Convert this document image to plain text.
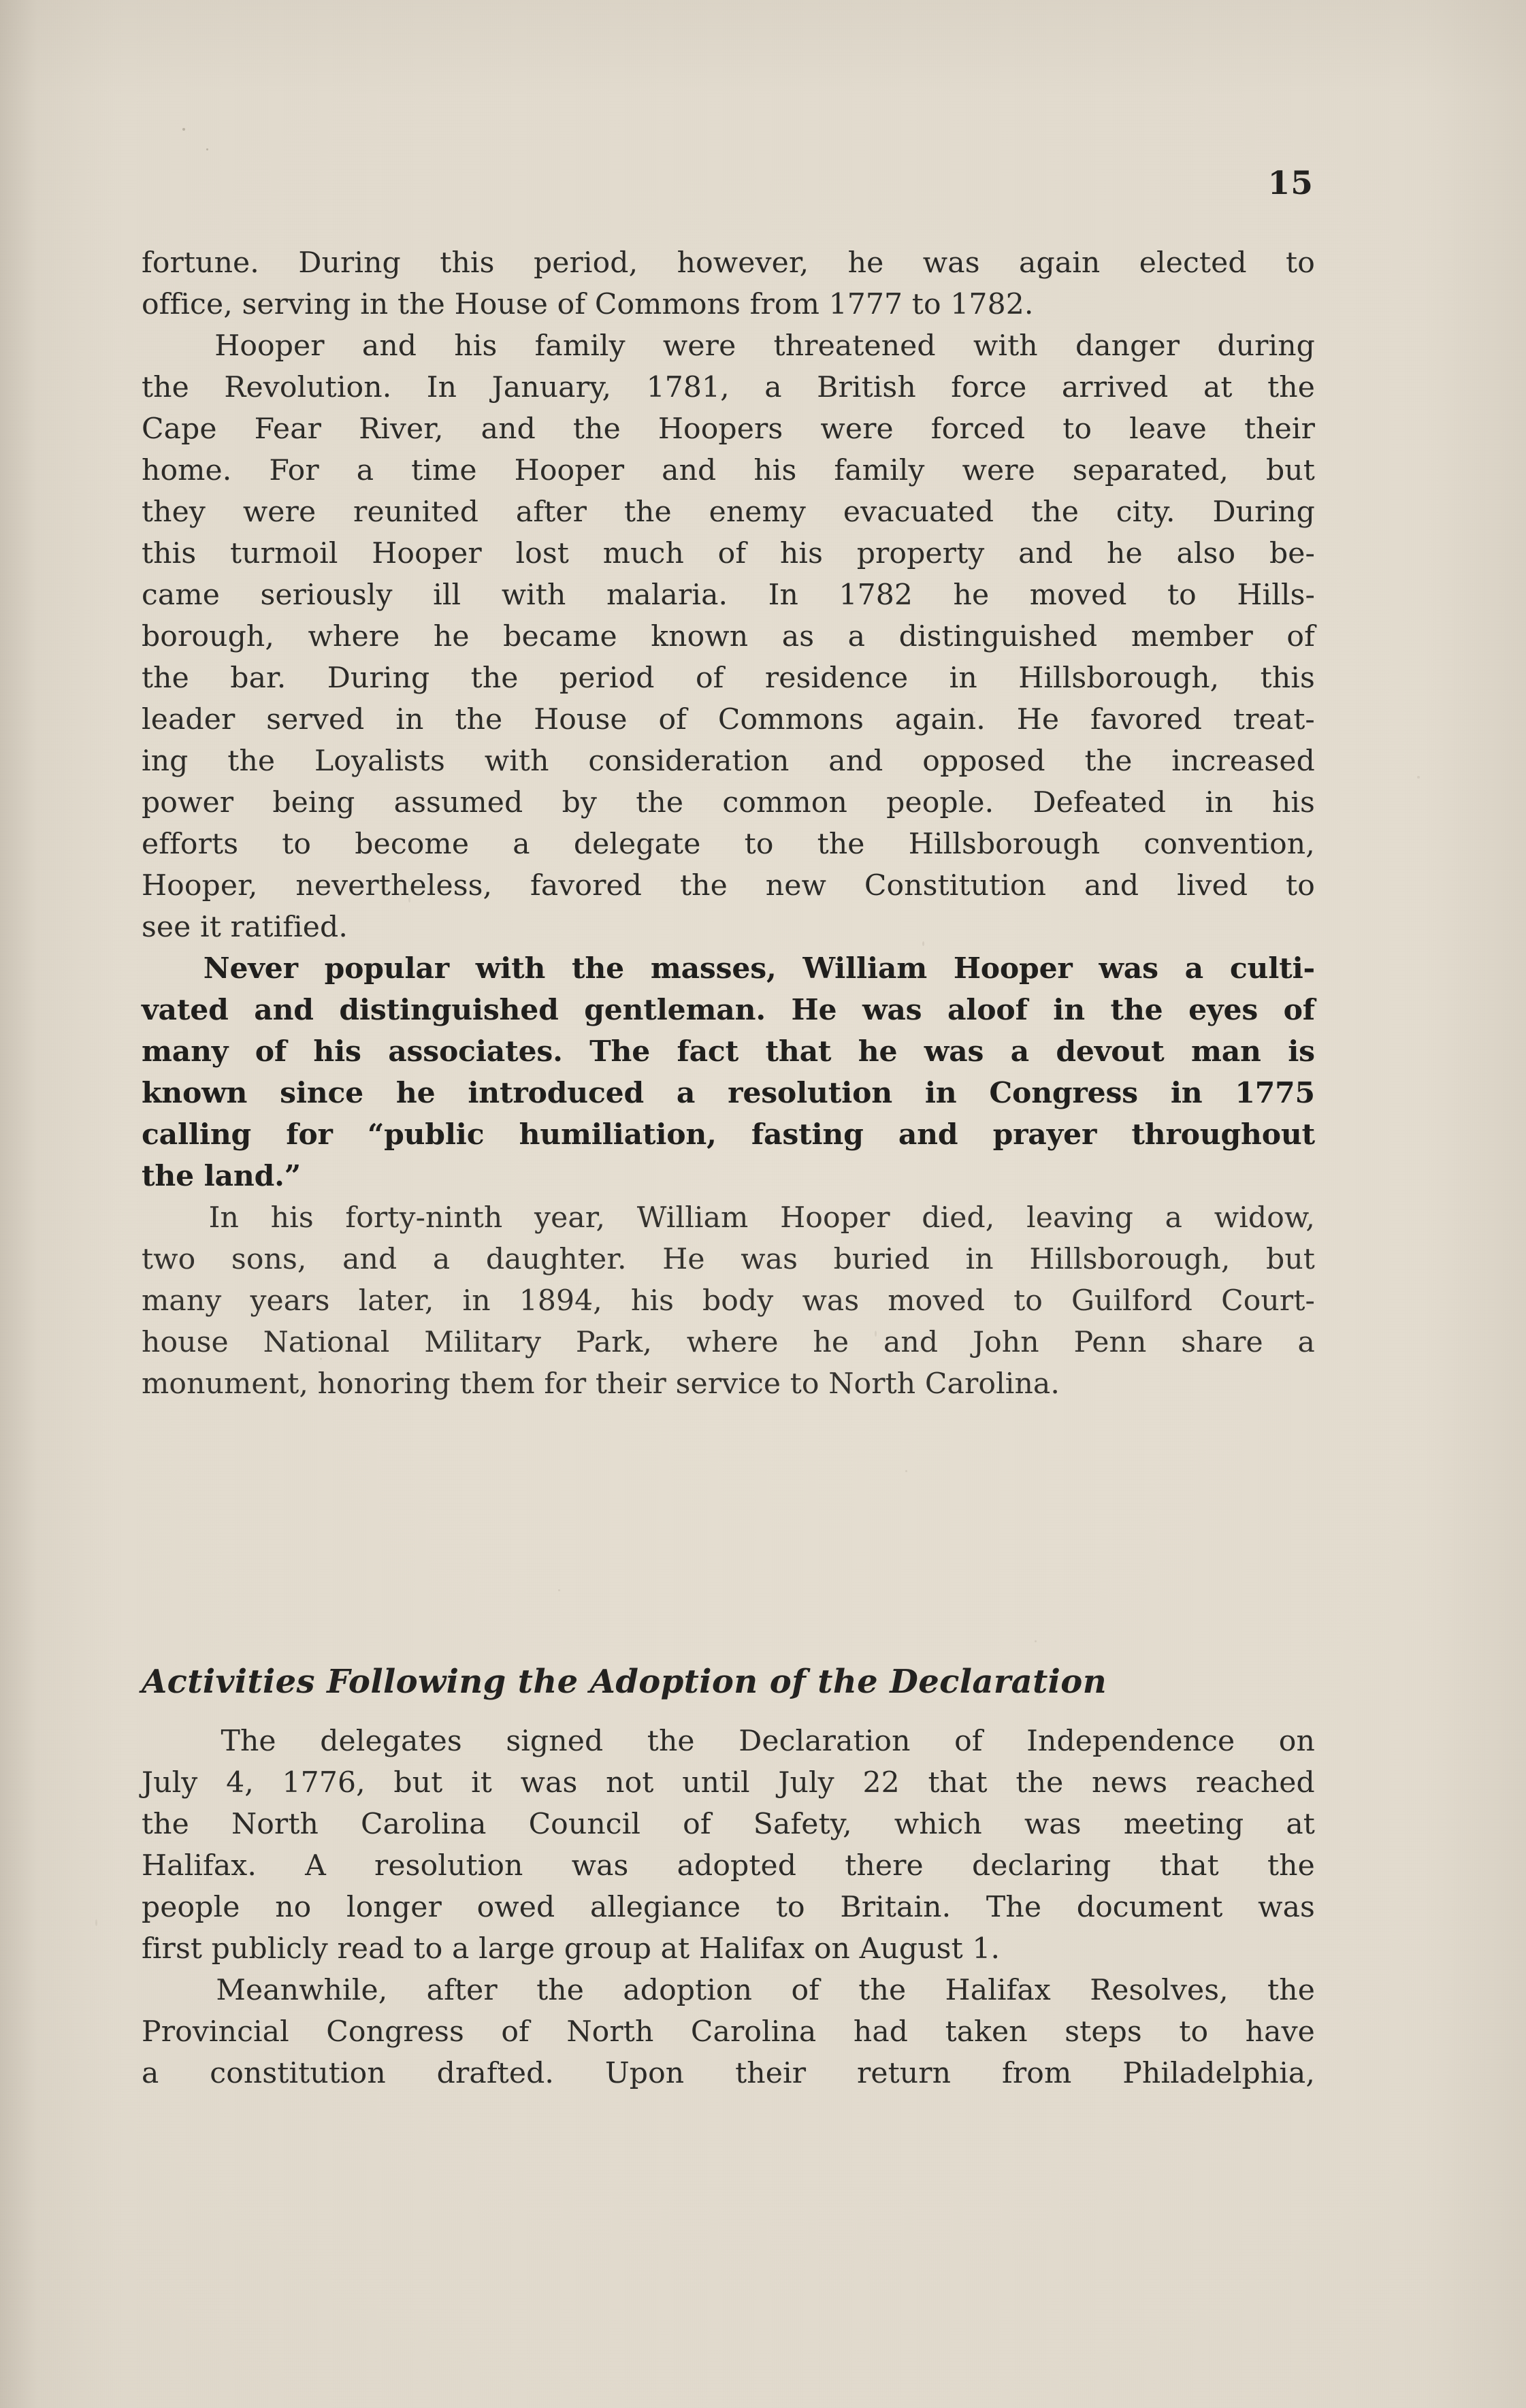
15
fortune. During this period, however, he was again elected to
office, serving in the House of Commons from 1777 to 1782.
Hooper and his family were threatened with danger during
the Revolution. In January, 1781, a British force arrived at the
Cape Fear River, and the Hoopers were forced to leave their
home. For a time Hooper and his family were separated, but
they were reunited after the enemy evacuated the city. During
this turmoil Hooper lost much of his property and he also be-
came seriously ill with malaria. In 1782 he moved to Hills-
borough, where he became known as a distinguished member of
the bar. During the period of residence in Hillsborough, this
leader served in the House of Commons again. He favored treat-
ing the Loyalists with consideration and opposed the increased
power being assumed by the common people. Defeated in his
efforts to become a delegate to the Hillsborough convention,
Hooper, nevertheless, favored the new Constitution and lived to
see it ratified.
Never popular with the masses, William Hooper was a culti-
vated and distinguished gentleman. He was aloof in the eyes of
many of his associates. The fact that he was a devout man is
known since he introduced a resolution in Congress in 1775
calling for “public humiliation, fasting and prayer throughout
the land.”
In his forty-ninth year, William Hooper died, leaving a widow,
two sons, and a daughter. He was buried in Hillsborough, but
many years later, in 1894, his body was moved to Guilford Court-
house National Military Park, where he and John Penn share a
monument, honoring them for their service to North Carolina.
Activities Following the Adoption of the Declaration
The delegates signed the Declaration of Independence on
July 4, 1776, but it was not until July 22 that the news reached
the North Carolina Council of Safety, which was meeting at
Halifax. A resolution was adopted there declaring that the
people no longer owed allegiance to Britain. The document was
first publicly read to a large group at Halifax on August 1.
Meanwhile, after the adoption of the Halifax Resolves, the
Provincial Congress of North Carolina had taken steps to have
a constitution drafted. Upon their return from Philadelphia,
